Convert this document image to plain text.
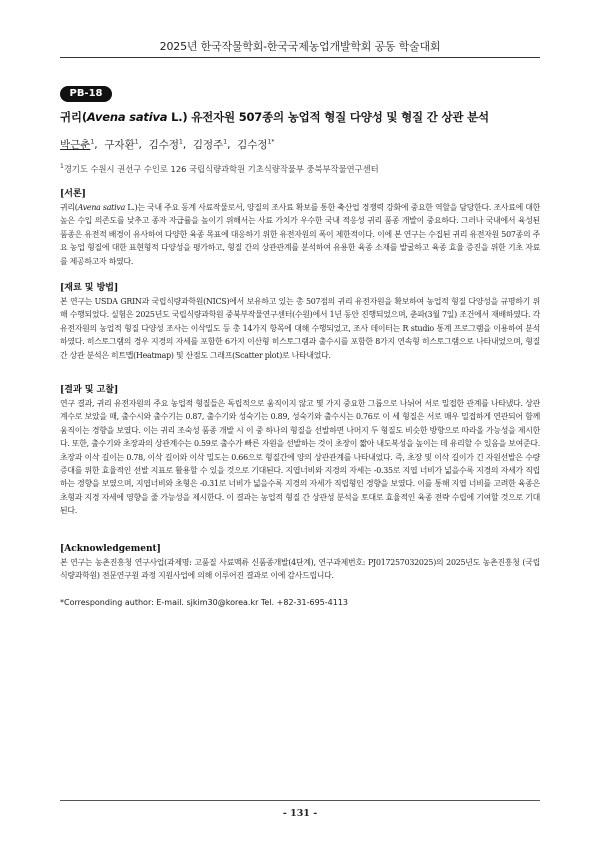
2025년 한국작물학회-한국국제농업개발학회 공동 학술대회
PB-18
귀리(Avena sativa L.) 유전자원 507종의 농업적 형질 다양성 및 형질 간 상관 분석
박근춘$^1$,  구자환$^1$,  김수정$^1$,  김정주$^1$,  김수정$^{1*}$
$^1$경기도 수원시 권선구 수인로 126 국립식량과학원 기초식량작물부 중북부작물연구센터
[서론]
귀리(Avena sativa L.)는 국내 주요 동계 사료작물로서, 양질의 조사료 확보를 통한 축산업 경쟁력 강화에 중요한 역할을 담당한다. 조사료에 대한 높은 수입 의존도를 낮추고 종자 자급률을 높이기 위해서는 사료 가치가 우수한 국내 적응성 귀리 품종 개발이 중요하다. 그러나 국내에서 육성된 품종은 유전적 배경이 유사하여 다양한 육종 목표에 대응하기 위한 유전자원의 폭이 제한적이다. 이에 본 연구는 수집된 귀리 유전자원 507종의 주요 농업 형질에 대한 표현형적 다양성을 평가하고, 형질 간의 상관관계를 분석하여 유용한 육종 소재를 발굴하고 육종 효율 증진을 위한 기초 자료를 제공하고자 하였다.
[재료 및 방법]
본 연구는 USDA GRIN과 국립식량과학원(NICS)에서 보유하고 있는 총 507점의 귀리 유전자원을 확보하여 농업적 형질 다양성을 규명하기 위해 수행되었다. 실험은 2025년도 국립식량과학원 중북부작물연구센터(수원)에서 1년 동안 진행되었으며, 춘파(3월 7일) 조건에서 재배하였다. 각 유전자원의 농업적 형질 다양성 조사는 이삭밀도 등 총 14가지 항목에 대해 수행되었고, 조사 데이터는 R studio 통계 프로그램을 이용하여 분석하였다. 히스토그램의 경우 지경의 자세를 포함한 6가지 이산형 히스토그램과 출수시를 포함한 8가지 연속형 히스토그램으로 나타내었으며, 형질 간 상관 분석은 히트맵(Heatmap) 및 산점도 그래프(Scatter plot)로 나타내었다.
[결과 및 고찰]
연구 결과, 귀리 유전자원의 주요 농업적 형질들은 독립적으로 움직이지 않고 몇 가지 중요한 그룹으로 나뉘어 서로 밀접한 관계를 나타냈다. 상관계수로 보았을 때, 출수시와 출수기는 0.87, 출수기와 성숙기는 0.89, 성숙기와 출수시는 0.76로 이 세 형질은 서로 매우 밀접하게 연관되어 함께 움직이는 경향을 보였다. 이는 귀리 조숙성 품종 개발 시 이 중 하나의 형질을 선발하면 나머지 두 형질도 비슷한 방향으로 따라올 가능성을 제시한다. 또한, 출수기와 초장과의 상관계수는 0.59로 출수가 빠른 자원을 선발하는 것이 초장이 짧아 내도복성을 높이는 데 유리할 수 있음을 보여준다. 초장과 이삭 길이는 0.78, 이삭 길이와 이삭 밀도는 0.66으로 형질간에 양의 상관관계를 나타내었다. 즉, 초장 및 이삭 길이가 긴 자원선발은 수량 증대를 위한 효율적인 선발 지표로 활용할 수 있을 것으로 기대된다. 지엽너비와 지경의 자세는 -0.35로 지엽 너비가 넓을수록 지경의 자세가 직립하는 경향을 보였으며, 지엽너비와 초형은 -0.31로 너비가 넓을수록 지경의 자세가 직립형인 경향을 보였다. 이를 통해 지엽 너비를 고려한 육종은 초형과 지경 자세에 영향을 줄 가능성을 제시한다. 이 결과는 농업적 형질 간 상관성 분석을 토대로 효율적인 육종 전략 수립에 기여할 것으로 기대된다.
[Acknowledgement]
본 연구는 농촌진흥청 연구사업(과제명: 고품질 사료맥류 신품종개발(4단계), 연구과제번호: PJ017257032025)의 2025년도 농촌진흥청 (국립식량과학원) 전문연구원 과정 지원사업에 의해 이루어진 결과로 이에 감사드립니다.
*Corresponding author: E-mail. sjkim30@korea.kr Tel. +82-31-695-4113
- 131 -
